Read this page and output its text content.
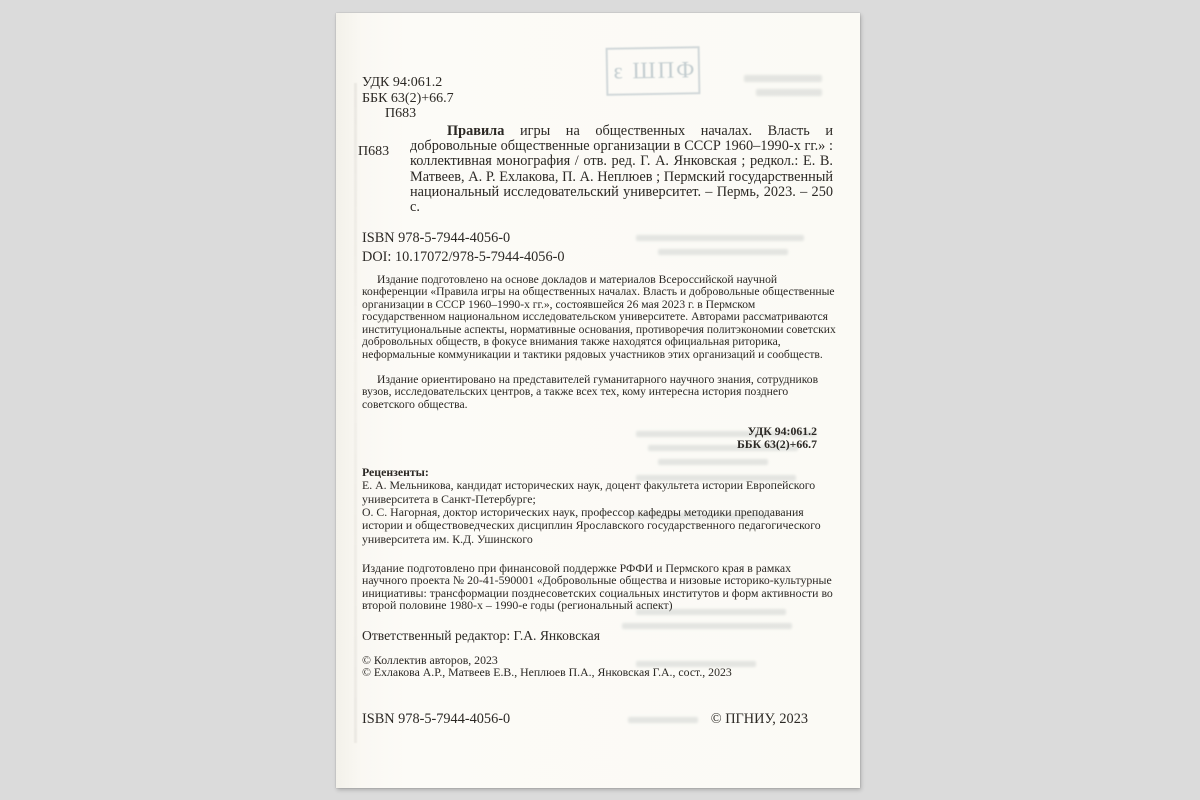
ФПШ з
УДК 94:061.2
ББК 63(2)+66.7
П683
П683
Правила игры на общественных началах. Власть и добровольные общественные организации в СССР 1960–1990-х гг.» : коллективная монография / отв. ред. Г. А. Янковская ; редкол.: Е. В. Матвеев, А. Р. Ехлакова, П. А. Неплюев ; Пермский государственный национальный исследовательский университет. – Пермь, 2023. – 250 с.
ISBN 978-5-7944-4056-0
DOI: 10.17072/978-5-7944-4056-0
Издание подготовлено на основе докладов и материалов Всероссийской научной конференции «Правила игры на общественных началах. Власть и добровольные общественные организации в СССР 1960–1990-х гг.», состоявшейся 26 мая 2023 г. в Пермском государственном национальном исследовательском университете. Авторами рассматриваются институциональные аспекты, нормативные основания, противоречия политэкономии советских добровольных обществ, в фокусе внимания также находятся официальная риторика, неформальные коммуникации и тактики рядовых участников этих организаций и сообществ.
Издание ориентировано на представителей гуманитарного научного знания, сотрудников вузов, исследовательских центров, а также всех тех, кому интересна история позднего советского общества.
УДК 94:061.2
ББК 63(2)+66.7
Рецензенты:
Е. А. Мельникова, кандидат исторических наук, доцент факультета истории Европейского университета в Санкт-Петербурге;
О. С. Нагорная, доктор исторических наук, профессор кафедры методики преподавания истории и обществоведческих дисциплин Ярославского государственного педагогического университета им. К.Д. Ушинского
Издание подготовлено при финансовой поддержке РФФИ и Пермского края в рамках научного проекта № 20-41-590001 «Добровольные общества и низовые историко-культурные инициативы: трансформации позднесоветских социальных институтов и форм активности во второй половине 1980-х – 1990-е годы (региональный аспект)
Ответственный редактор: Г.А. Янковская
© Коллектив авторов, 2023
© Ехлакова А.Р., Матвеев Е.В., Неплюев П.А., Янковская Г.А., сост., 2023
ISBN 978-5-7944-4056-0	© ПГНИУ, 2023
